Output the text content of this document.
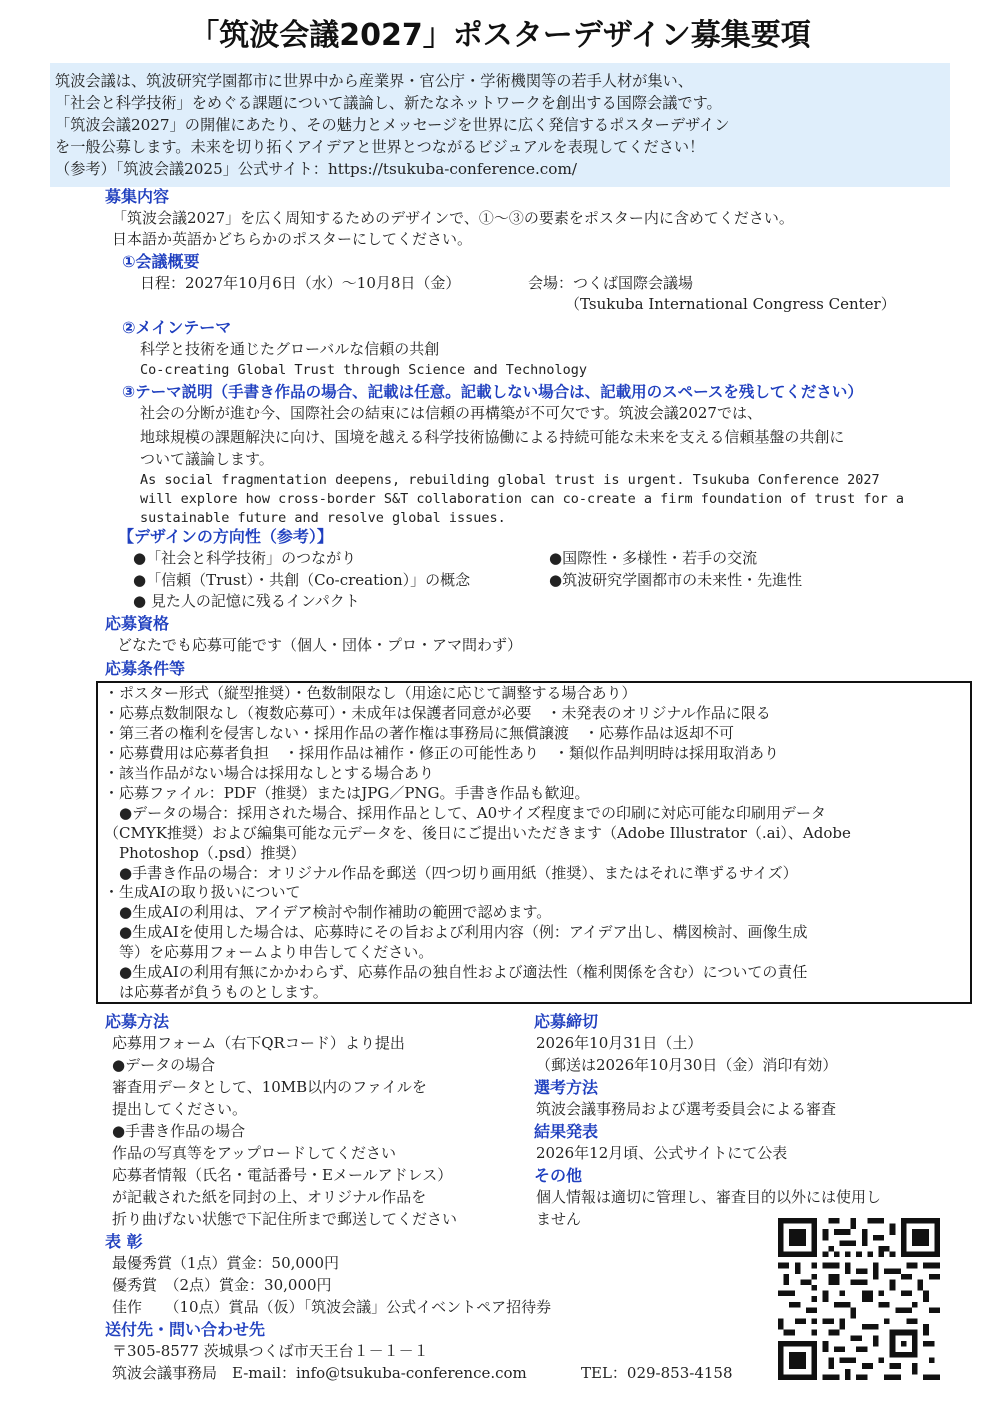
「筑波会議2027」ポスターデザイン募集要項
筑波会議は、筑波研究学園都市に世界中から産業界・官公庁・学術機関等の若手人材が集い、
「社会と科学技術」をめぐる課題について議論し、新たなネットワークを創出する国際会議です。
「筑波会議2027」の開催にあたり、その魅力とメッセージを世界に広く発信するポスターデザイン
を一般公募します。未来を切り拓くアイデアと世界とつながるビジュアルを表現してください！
（参考）「筑波会議2025」公式サイト：https://tsukuba-conference.com/
募集内容
「筑波会議2027」を広く周知するためのデザインで、①〜③の要素をポスター内に含めてください。
日本語か英語かどちらかのポスターにしてください。
①会議概要
日程：2027年10月6日（水）〜10月8日（金）	会場：つくば国際会議場
（Tsukuba International Congress Center）
②メインテーマ
科学と技術を通じたグローバルな信頼の共創
Co-creating Global Trust through Science and Technology
③テーマ説明（手書き作品の場合、記載は任意。記載しない場合は、記載用のスペースを残してください）
社会の分断が進む今、国際社会の結束には信頼の再構築が不可欠です。筑波会議2027では、
地球規模の課題解決に向け、国境を越える科学技術協働による持続可能な未来を支える信頼基盤の共創に
ついて議論します。
As social fragmentation deepens, rebuilding global trust is urgent. Tsukuba Conference 2027
will explore how cross-border S&T collaboration can co-create a firm foundation of trust for a
sustainable future and resolve global issues.
【デザインの方向性（参考）】
●「社会と科学技術」のつながり	●国際性・多様性・若手の交流
●「信頼（Trust）・共創（Co-creation）」の概念	●筑波研究学園都市の未来性・先進性
● 見た人の記憶に残るインパクト
応募資格
どなたでも応募可能です（個人・団体・プロ・アマ問わず）
応募条件等
・ポスター形式（縦型推奨）・色数制限なし（用途に応じて調整する場合あり）
・応募点数制限なし（複数応募可）・未成年は保護者同意が必要　・未発表のオリジナル作品に限る
・第三者の権利を侵害しない・採用作品の著作権は事務局に無償譲渡　・応募作品は返却不可
・応募費用は応募者負担　・採用作品は補作・修正の可能性あり　・類似作品判明時は採用取消あり
・該当作品がない場合は採用なしとする場合あり
・応募ファイル：PDF（推奨）またはJPG／PNG。手書き作品も歓迎。
　●データの場合：採用された場合、採用作品として、A0サイズ程度までの印刷に対応可能な印刷用データ
（CMYK推奨）および編集可能な元データを、後日にご提出いただきます（Adobe Illustrator（.ai）、Adobe
　Photoshop（.psd）推奨）
　●手書き作品の場合：オリジナル作品を郵送（四つ切り画用紙（推奨）、またはそれに準ずるサイズ）
・生成AIの取り扱いについて
　●生成AIの利用は、アイデア検討や制作補助の範囲で認めます。
　●生成AIを使用した場合は、応募時にその旨および利用内容（例：アイデア出し、構図検討、画像生成
　等）を応募用フォームより申告してください。
　●生成AIの利用有無にかかわらず、応募作品の独自性および適法性（権利関係を含む）についての責任
　は応募者が負うものとします。
応募方法
応募用フォーム（右下QRコード）より提出
●データの場合
審査用データとして、10MB以内のファイルを
提出してください。
●手書き作品の場合
作品の写真等をアップロードしてください
応募者情報（氏名・電話番号・Eメールアドレス）
が記載された紙を同封の上、オリジナル作品を
折り曲げない状態で下記住所まで郵送してください
応募締切
2026年10月31日（土）
（郵送は2026年10月30日（金）消印有効）
選考方法
筑波会議事務局および選考委員会による審査
結果発表
2026年12月頃、公式サイトにて公表
その他
個人情報は適切に管理し、審査目的以外には使用し
ません
表 彰
最優秀賞（1点）賞金：50,000円
優秀賞　（2点）賞金：30,000円
佳作　　（10点）賞品（仮）「筑波会議」公式イベントペア招待券
送付先・問い合わせ先
〒305-8577 茨城県つくば市天王台１－１－１
筑波会議事務局　E-mail：info@tsukuba-conference.com	TEL：029-853-4158
